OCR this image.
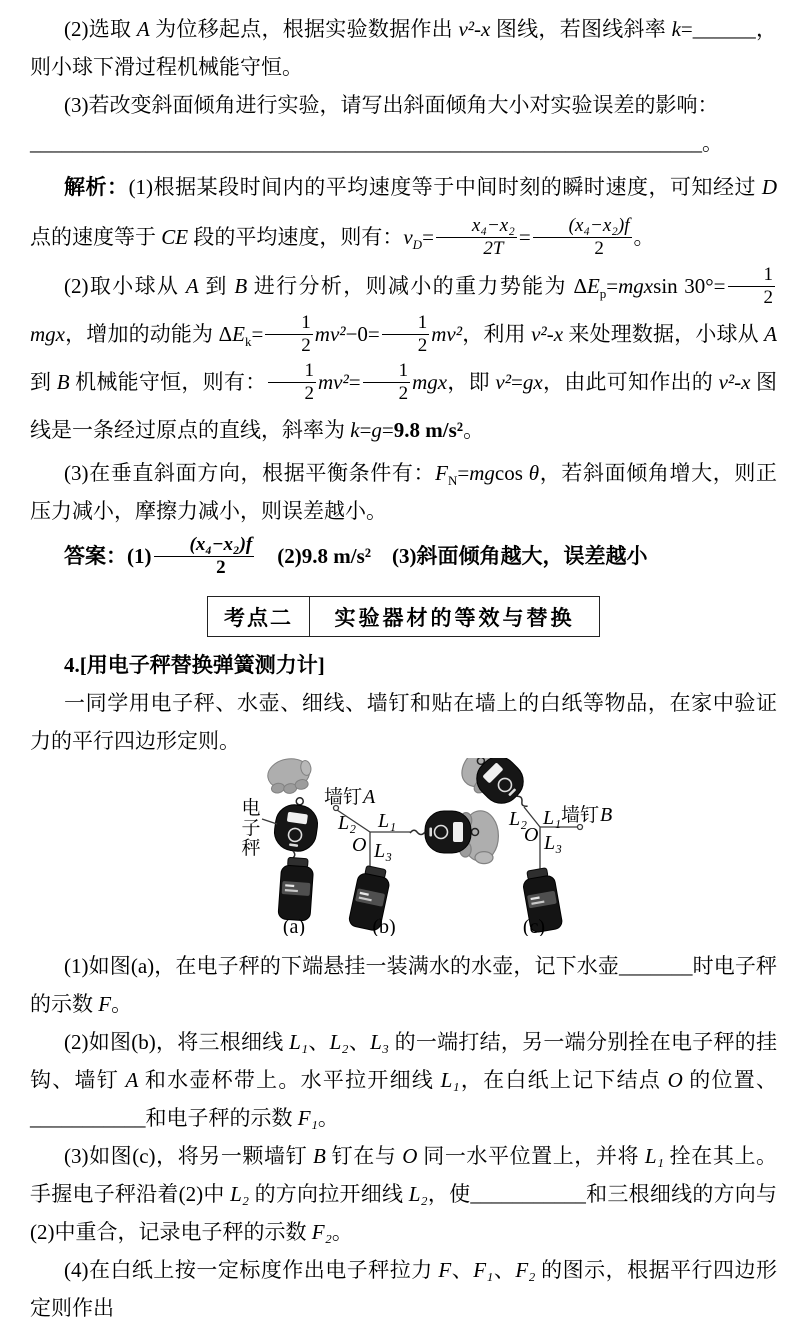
(2)选取 A 为位移起点，根据实验数据作出 v²-x 图线，若图线斜率 k=______，则小球下滑过程机械能守恒。

(3)若改变斜面倾角进行实验，请写出斜面倾角大小对实验误差的影响：

________________________________________________________________。

解析：(1)根据某段时间内的平均速度等于中间时刻的瞬时速度，可知经过 D 点的速度等于 CE 段的平均速度，则有：$v_D= \frac{\text{x₄−x₂}}{2T} = \frac{\text{(x₄−x₂)f}}{2}$ 。

(2)取小球从 A 到 B 进行分析，则减小的重力势能为 $\Delta E_p=mgxsin$ $30^\circ= \frac{1}{2}$
mgx，增加的动能为 $\Delta E_k= \frac{1}{2} mv^2-0= \frac{1}{2} mv^2$，利用 v²-x 来处理数据，小球从 A 到 B 机械能守恒，则有： $\frac{1}{2} mv^2= \frac{1}{2}$ mgx，即 v²=gx，由此可知作出的 v²-x 图线是一条经过原点的直线，斜率为 k=g=9.8 m/s²。

(3)在垂直斜面方向，根据平衡条件有：$F_N=mgcos$ θ，若斜面倾角增大，则正压力减小，摩擦力减小，则误差越小。

答案：$(1) \frac{\text{(x₄−x₂)f}}{2}$ 　(2)9.8 m/s²　(3)斜面倾角越大，误差越小

考点二	实验器材的等效与替换

4.[用电子秤替换弹簧测力计]

一同学用电子秤、水壶、细线、墙钉和贴在墙上的白纸等物品，在家中验证力的平行四边形定则。

电
子
秤
(a)
墙钉 A
L₂ L₁
O L₃
(b)
L₂ L₁ 墙钉 B
O L₃
(c)

(1)如图(a)，在电子秤的下端悬挂一装满水的水壶，记下水壶_______时电子秤的示数 F。

(2)如图(b)，将三根细线 L₁、L₂、L₃ 的一端打结，另一端分别拴在电子秤的挂钩、墙钉 A 和水壶杯带上。水平拉开细线 L₁，在白纸上记下结点 O 的位置、___________和电子秤的示数 F₁。

(3)如图(c)，将另一颗墙钉 B 钉在与 O 同一水平位置上，并将 L₁ 拴在其上。手握电子秤沿着(2)中 L₂ 的方向拉开细线 L₂，使___________和三根细线的方向与(2)中重合，记录电子秤的示数 F₂。

(4)在白纸上按一定标度作出电子秤拉力 F、F₁、F₂ 的图示，根据平行四边形定则作出
